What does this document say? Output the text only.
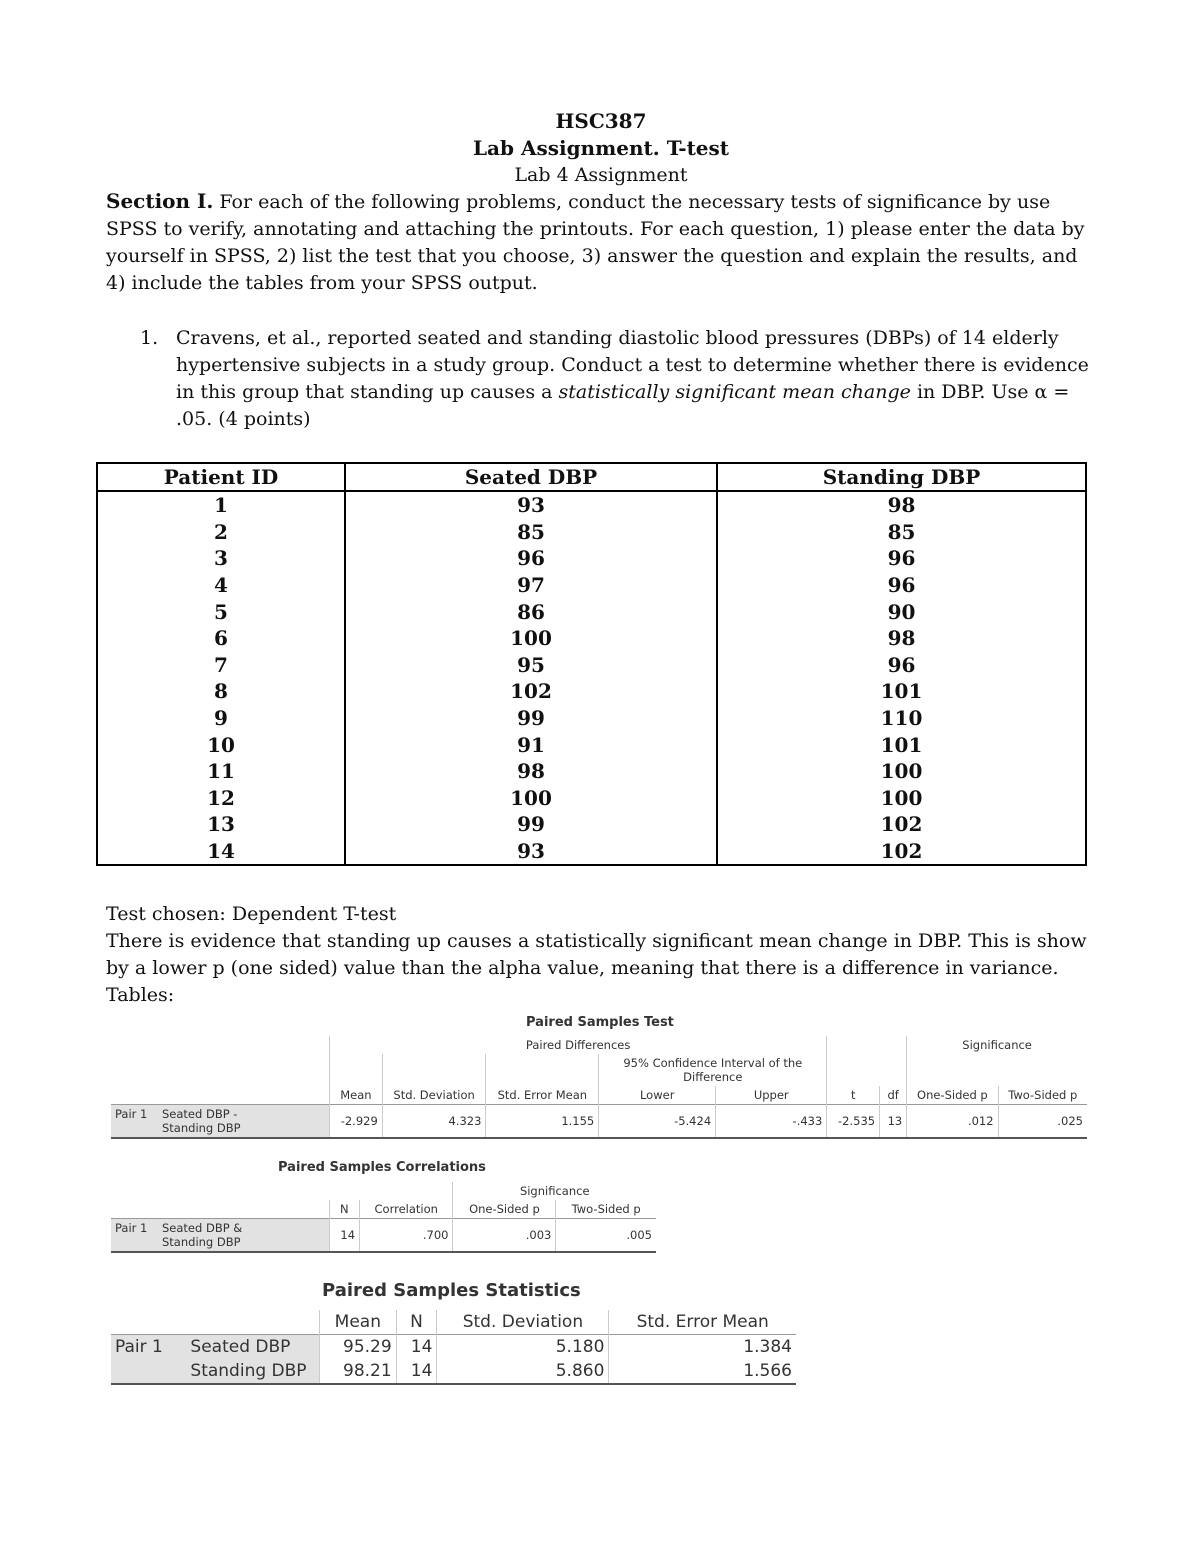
HSC387
Lab Assignment. T-test
Lab 4 Assignment

Section I. For each of the following problems, conduct the necessary tests of significance by use SPSS to verify, annotating and attaching the printouts. For each question, 1) please enter the data by yourself in SPSS, 2) list the test that you choose, 3) answer the question and explain the results, and 4) include the tables from your SPSS output.

1. Cravens, et al., reported seated and standing diastolic blood pressures (DBPs) of 14 elderly hypertensive subjects in a study group. Conduct a test to determine whether there is evidence in this group that standing up causes a statistically significant mean change in DBP. Use α = .05. (4 points)
Patient ID	Seated DBP	Standing DBP
1	93	98
2	85	85
3	96	96
4	97	96
5	86	90
6	100	98
7	95	96
8	102	101
9	99	110
10	91	101
11	98	100
12	100	100
13	99	102
14	93	102
Test chosen: Dependent T-test
There is evidence that standing up causes a statistically significant mean change in DBP. This is show by a lower p (one sided) value than the alpha value, meaning that there is a difference in variance.
Tables:
Paired Samples Test
	Paired Differences							Significance	
				95% Confidence Interval of the Difference					
	Mean	Std. Deviation	Std. Error Mean	Lower	Upper	t	df	One-Sided p	Two-Sided p
Pair 1 Seated DBP - Standing DBP	-2.929	4.323	1.155	-5.424	-.433	-2.535	13	.012	.025
Paired Samples Correlations
			Significance	
	N	Correlation	One-Sided p	Two-Sided p
Pair 1 Seated DBP & Standing DBP	14	.700	.003	.005
Paired Samples Statistics
	Mean	N	Std. Deviation	Std. Error Mean
Pair 1 Seated DBP	95.29	14	5.180	1.384
Standing DBP	98.21	14	5.860	1.566
